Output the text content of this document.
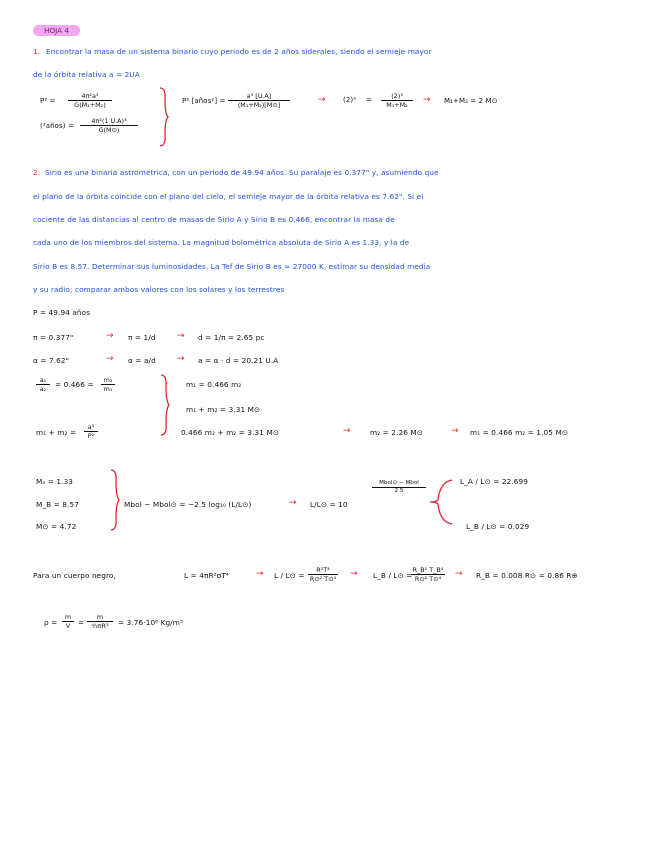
HOJA 4
1. Encontrar la masa de un sistema binario cuyo periodo es de 2 años siderales, siendo el semieje mayor
de la órbita relativa a = 2UA
$P^2 = \frac{\text{4π²a³}}{\text{G(M₁+M₂)}}$
(²años) = $\frac{\text{4π²(1 U.A)³}}{G(M⊙)}$
P² [años²] = $\frac{\text{a³ [U.A]}}{\text{(M₁+M₂)[M⊙]}}$	→ $(2)^2 = \frac{\text{(2)³}}{\text{M₁+M₂}} \to M_1+M_2 = 2$ M⊙
2. Sirio es una binaria astrométrica, con un periodo de 49.94 años. Su paralaje es 0.377" y, asumiendo que
el plano de la órbita coincide con el plano del cielo, el semieje mayor de la órbita relativa es 7.62". Si el
cociente de las distancias al centro de masas de Sirio A y Sirio B es 0.466, encontrar la masa de
cada uno de los miembros del sistema. La magnitud bolométrica absoluta de Sirio A es 1.33, y la de
Sirio B es 8.57. Determinar sus luminosidades. La Tef de Sirio B es ≈ 27000 K, estimar su densidad media
y su radio; comparar ambos valores con los solares y los terrestres
P = 49.94 años
π = 0.377"	→ π = 1/d → d = 1/π = 2.65 pc
α = 7.62"	→ α = a/d → a = α · d = 20.21 U.A
$\frac{\text{a₁}}{\text{a₂}} = 0.466 = \frac{\text{m₂}}{\text{m₁}}$
$m_1 + m_2 = \frac{\text{a³}}{\text{P²}}$
m₁ = 0.466 m₂
m₁ + m₂ = 3.31 M⊙
0.466 m₂ + m₂ = 3.31 M⊙	→	m₂ = 2.26 M⊙	→ m₁ = 0.466 m₂ = 1.05 M⊙
Mₐ = 1.33
M_B = 8.57
M⊙ = 4.72
Mbol − Mbol⊙ = −2.5 log₁₀ (L/L⊙)	→ L/L⊙ = 10
Mbol⊙ − Mbol
2.5
L_A / L⊙ = 22.699
L_B / L⊙ = 0.029
Para un cuerpo negro,	L = 4πR²σT⁴	→ L / L⊙ = $\frac{\text{R²T⁴}}{\text{R⊙² T⊙⁴}}$ → L_B / L⊙ =
$\frac{\text{R\_B² T\_B⁴}}{\text{R⊙² T⊙⁴}}$ → R_B = 0.008 R⊙ = 0.86 R⊕
$\rho = \frac{m}{V} = \frac{m}{\text{⁴⁄₃πR³}} = 3.76\cdot 10^6$ Kg/m³
